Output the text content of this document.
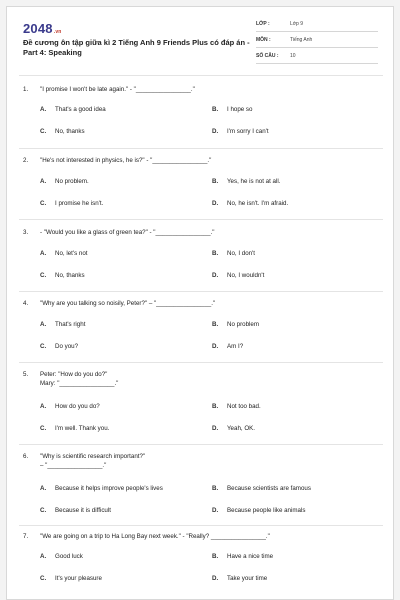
2048.vn
Đề cương ôn tập giữa kì 2 Tiếng Anh 9 Friends Plus có đáp án - Part 4: Speaking
LỚP :	Lớp 9
MÔN :	Tiếng Anh
SỐ CÂU : 10
1. "I promise I won't be late again." - "________________."
A. That's a good idea	B. I hope so
C. No, thanks	D. I'm sorry I can't
2. "He's not interested in physics, he is?" - "________________."
A. No problem.	B. Yes, he is not at all.
C. I promise he isn't.	D. No, he isn't. I'm afraid.
3. - "Would you like a glass of green tea?" - "________________."
A. No, let's not	B. No, I don't
C. No, thanks	D. No, I wouldn't
4. "Why are you talking so noisily, Peter?" – "________________."
A. That's right	B. No problem
C. Do you?	D. Am I?
5. Peter: "How do you do?"
Mary: "________________."
A. How do you do?	B. Not too bad.
C. I'm well. Thank you.	D. Yeah, OK.
6. "Why is scientific research important?"
– "________________."
A. Because it helps improve people's lives	B. Because scientists are famous
C. Because it is difficult	D. Because people like animals
7. "We are going on a trip to Ha Long Bay next week." - "Really? ________________."
A. Good luck	B. Have a nice time
C. It's your pleasure	D. Take your time
